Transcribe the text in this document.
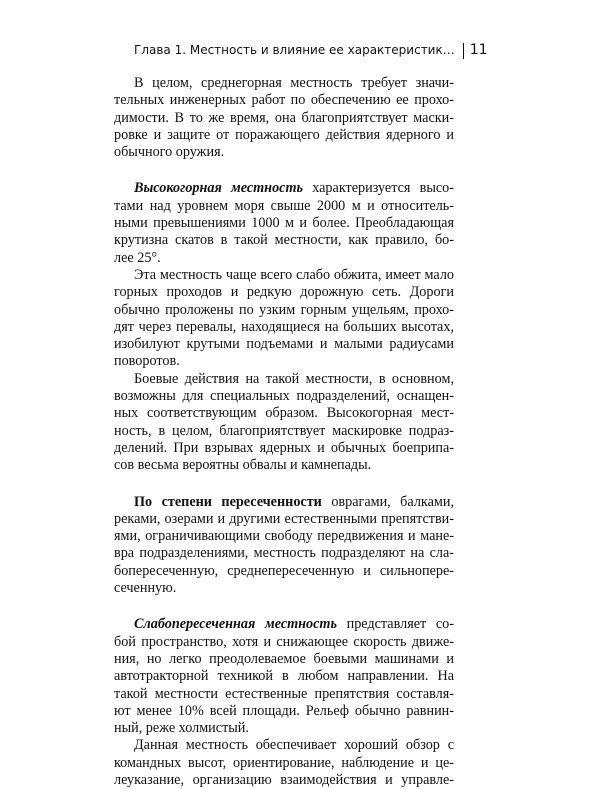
Глава 1. Местность и влияние ее характеристик… 11
В целом, среднегорная местность требует значи-
тельных инженерных работ по обеспечению ее прохо-
димости. В то же время, она благоприятствует маски-
ровке и защите от поражающего действия ядерного и
обычного оружия.
Высокогорная местность характеризуется высо-
тами над уровнем моря свыше 2000 м и относитель-
ными превышениями 1000 м и более. Преобладающая
крутизна скатов в такой местности, как правило, бо-
лее 25°.
Эта местность чаще всего слабо обжита, имеет мало
горных проходов и редкую дорожную сеть. Дороги
обычно проложены по узким горным ущельям, прохо-
дят через перевалы, находящиеся на больших высотах,
изобилуют крутыми подъемами и малыми радиусами
поворотов.
Боевые действия на такой местности, в основном,
возможны для специальных подразделений, оснащен-
ных соответствующим образом. Высокогорная мест-
ность, в целом, благоприятствует маскировке подраз-
делений. При взрывах ядерных и обычных боеприпа-
сов весьма вероятны обвалы и камнепады.
По степени пересеченности оврагами, балками,
реками, озерами и другими естественными препятстви-
ями, ограничивающими свободу передвижения и мане-
вра подразделениями, местность подразделяют на сла-
бопересеченную, среднепересеченную и сильнопере-
сеченную.
Слабопересеченная местность представляет со-
бой пространство, хотя и снижающее скорость движе-
ния, но легко преодолеваемое боевыми машинами и
автотракторной техникой в любом направлении. На
такой местности естественные препятствия составля-
ют менее 10% всей площади. Рельеф обычно равнин-
ный, реже холмистый.
Данная местность обеспечивает хороший обзор с
командных высот, ориентирование, наблюдение и це-
леуказание, организацию взаимодействия и управле-
